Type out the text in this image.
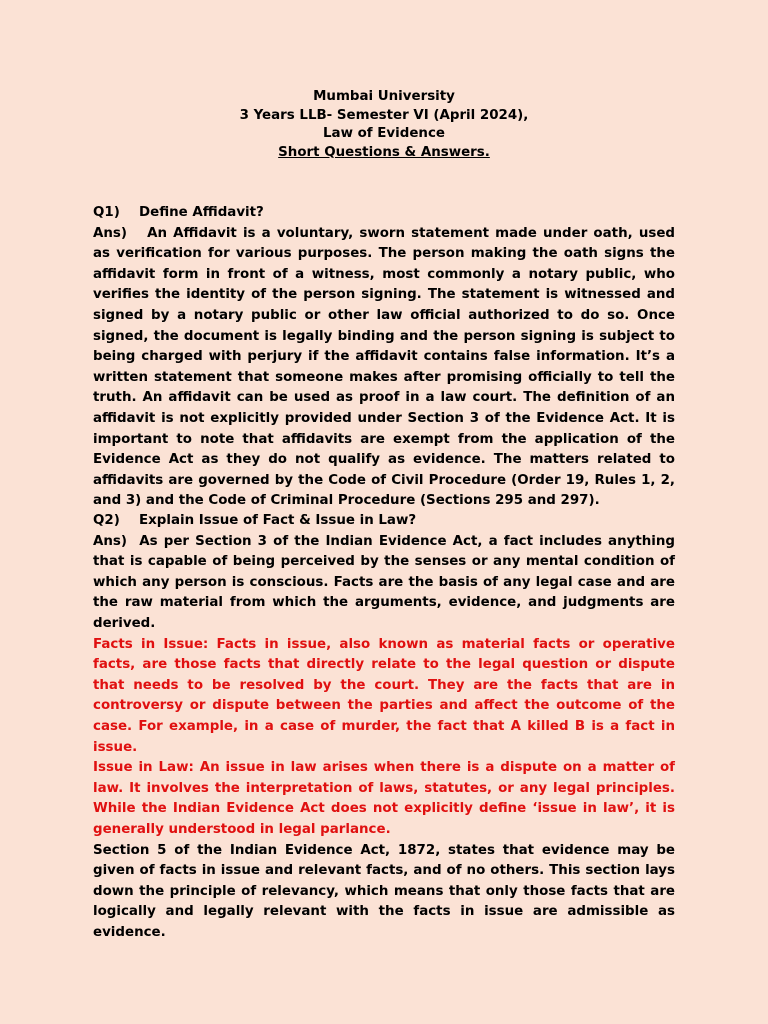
Mumbai University
3 Years LLB- Semester VI (April 2024),
Law of Evidence
Short Questions & Answers.
Q1) Define Affidavit?

Ans) An Affidavit is a voluntary, sworn statement made under oath, used as verification for various purposes. The person making the oath signs the affidavit form in front of a witness, most commonly a notary public, who verifies the identity of the person signing. The statement is witnessed and signed by a notary public or other law official authorized to do so. Once signed, the document is legally binding and the person signing is subject to being charged with perjury if the affidavit contains false information. It’s a written statement that someone makes after promising officially to tell the truth. An affidavit can be used as proof in a law court. The definition of an affidavit is not explicitly provided under Section 3 of the Evidence Act. It is important to note that affidavits are exempt from the application of the Evidence Act as they do not qualify as evidence. The matters related to affidavits are governed by the Code of Civil Procedure (Order 19, Rules 1, 2, and 3) and the Code of Criminal Procedure (Sections 295 and 297).

Q2) Explain Issue of Fact & Issue in Law?

Ans) As per Section 3 of the Indian Evidence Act, a fact includes anything that is capable of being perceived by the senses or any mental condition of which any person is conscious. Facts are the basis of any legal case and are the raw material from which the arguments, evidence, and judgments are derived.

Facts in Issue: Facts in issue, also known as material facts or operative facts, are those facts that directly relate to the legal question or dispute that needs to be resolved by the court. They are the facts that are in controversy or dispute between the parties and affect the outcome of the case. For example, in a case of murder, the fact that A killed B is a fact in issue.

Issue in Law: An issue in law arises when there is a dispute on a matter of law. It involves the interpretation of laws, statutes, or any legal principles. While the Indian Evidence Act does not explicitly define ‘issue in law’, it is generally understood in legal parlance.

Section 5 of the Indian Evidence Act, 1872, states that evidence may be given of facts in issue and relevant facts, and of no others. This section lays down the principle of relevancy, which means that only those facts that are logically and legally relevant with the facts in issue are admissible as evidence.
